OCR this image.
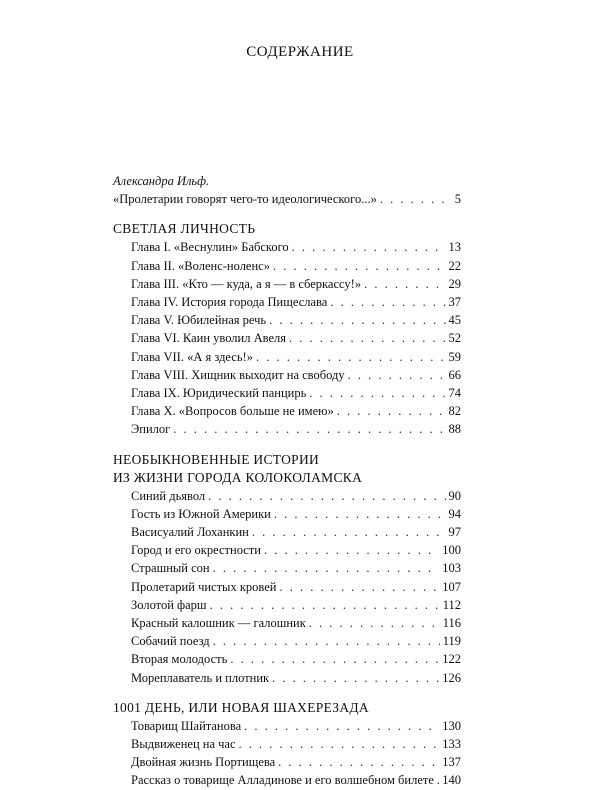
СОДЕРЖАНИЕ
Александра Ильф.
«Пролетарии говорят чего-то идеологического...» . . .	5
СВЕТЛАЯ ЛИЧНОСТЬ
Глава I. «Веснулин» Бабского . . .	13
Глава II. «Воленс-ноленс» . . .	22
Глава III. «Кто — куда, а я — в сберкассу!» . . .	29
Глава IV. История города Пищеслава . . .	37
Глава V. Юбилейная речь . . .	45
Глава VI. Каин уволил Авеля . . .	52
Глава VII. «А я здесь!» . . .	59
Глава VIII. Хищник выходит на свободу . . .	66
Глава IX. Юридический панцирь . . .	74
Глава X. «Вопросов больше не имею» . . .	82
Эпилог . . .	88
НЕОБЫКНОВЕННЫЕ ИСТОРИИ
ИЗ ЖИЗНИ ГОРОДА КОЛОКОЛАМСКА
Синий дьявол . . .	90
Гость из Южной Америки . . .	94
Васисуалий Лоханкин . . .	97
Город и его окрестности . . .	100
Страшный сон . . .	103
Пролетарий чистых кровей . . .	107
Золотой фарш . . .	112
Красный калошник — галошник . . .	116
Собачий поезд . . .	119
Вторая молодость . . .	122
Мореплаватель и плотник . . .	126
1001 ДЕНЬ, ИЛИ НОВАЯ ШАХЕРЕЗАДА
Товарищ Шайтанова . . .	130
Выдвиженец на час . . .	133
Двойная жизнь Портищева . . .	137
Рассказ о товарище Алладинове и его волшебном билете . . . 140
